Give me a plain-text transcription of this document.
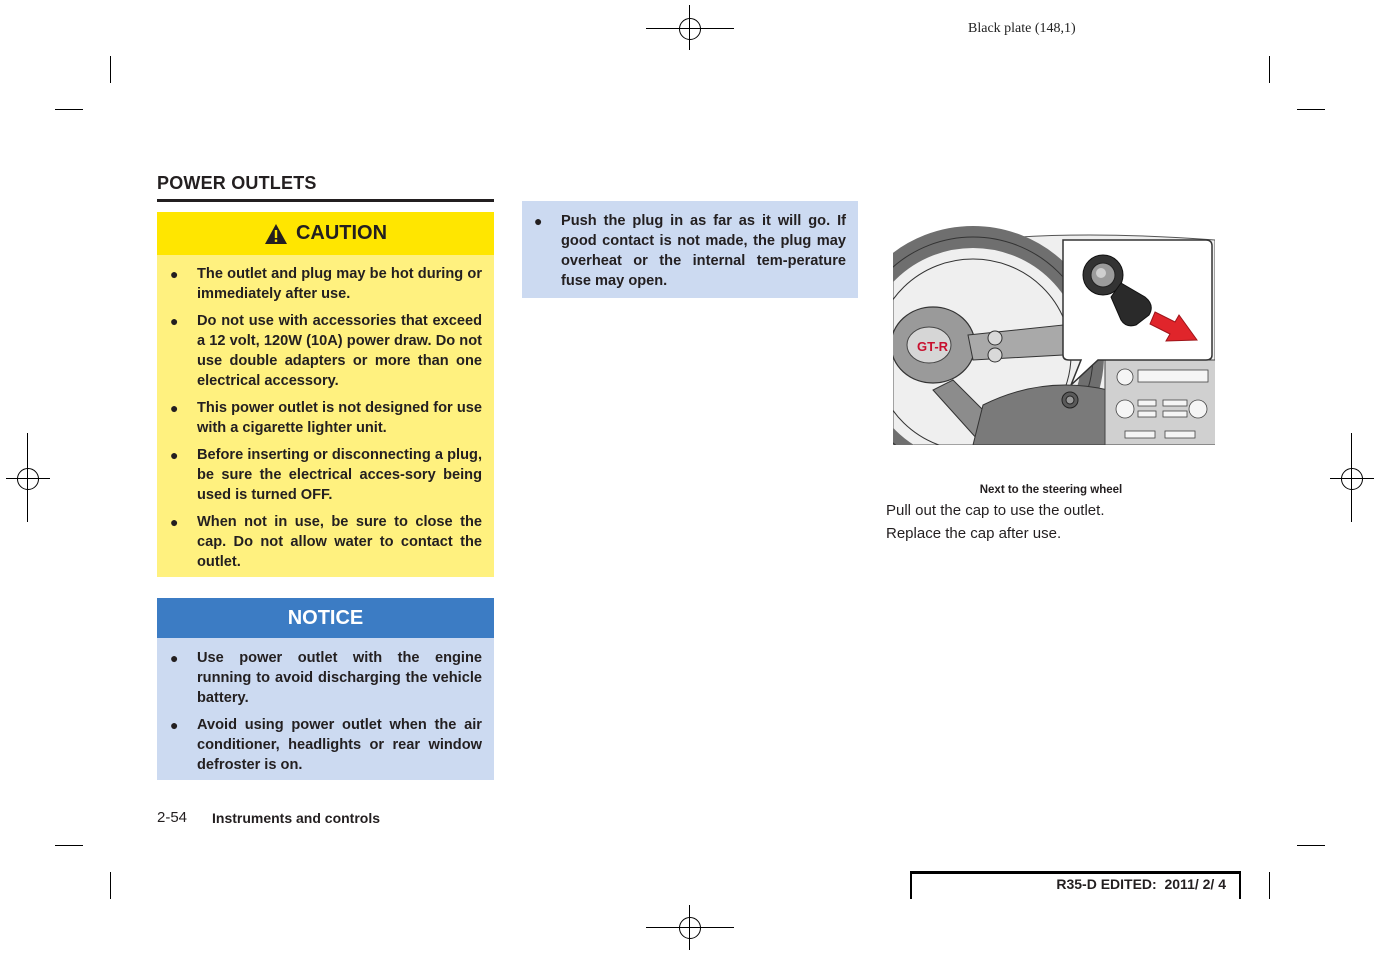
Black plate (148,1)
POWER OUTLETS
CAUTION
● The outlet and plug may be hot during or immediately after use.
● Do not use with accessories that exceed a 12 volt, 120W (10A) power draw. Do not use double adapters or more than one electrical accessory.
● This power outlet is not designed for use with a cigarette lighter unit.
● Before inserting or disconnecting a plug, be sure the electrical acces-sory being used is turned OFF.
● When not in use, be sure to close the cap. Do not allow water to contact the outlet.
NOTICE
● Use power outlet with the engine running to avoid discharging the vehicle battery.
● Avoid using power outlet when the air conditioner, headlights or rear window defroster is on.
● Push the plug in as far as it will go. If good contact is not made, the plug may overheat or the internal tem-perature fuse may open.
GT-R
Next to the steering wheel
Pull out the cap to use the outlet.
Replace the cap after use.
2-54 Instruments and controls
R35-D EDITED:  2011/ 2/ 4
